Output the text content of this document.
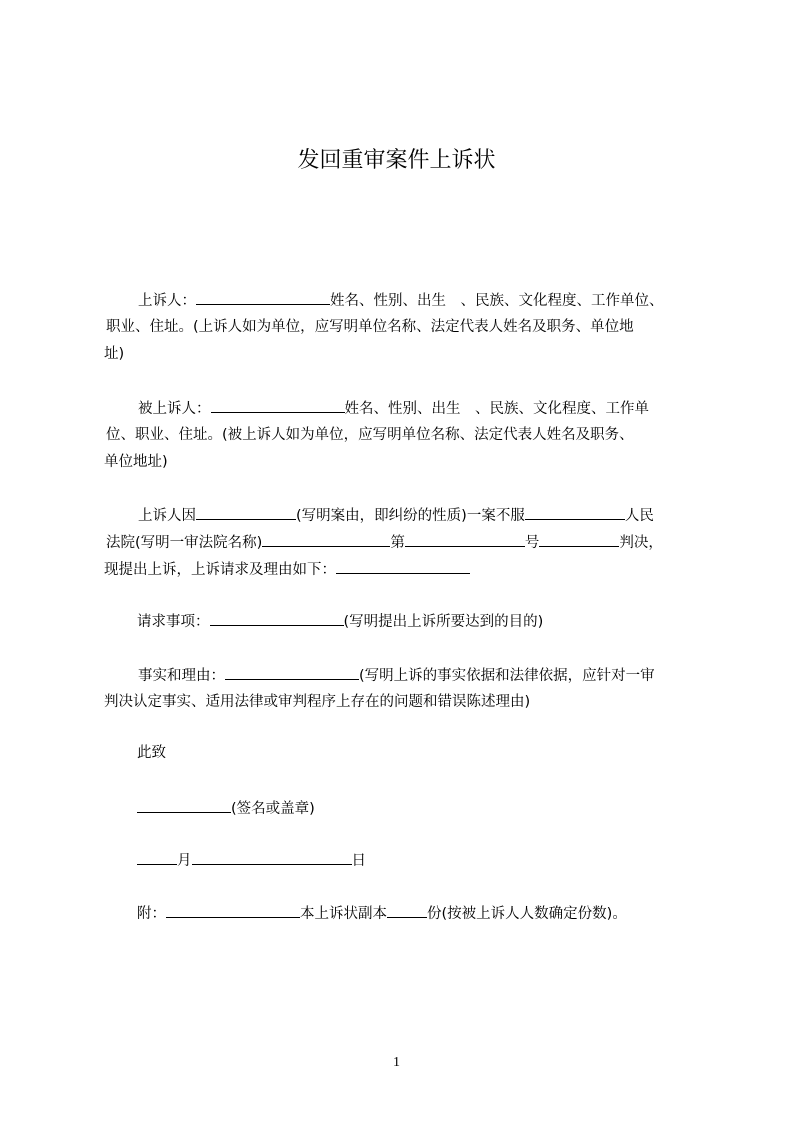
发回重审案件上诉状
上诉人：	姓名、性别、出生　、民族、文化程度、工作单位、
职业、住址。(上诉人如为单位，应写明单位名称、法定代表人姓名及职务、单位地
址)
被上诉人：	姓名、性别、出生　、民族、文化程度、工作单
位、职业、住址。(被上诉人如为单位，应写明单位名称、法定代表人姓名及职务、
单位地址)
上诉人因	(写明案由，即纠纷的性质)一案不服	人民
法院(写明一审法院名称)	第	号	判决，
现提出上诉，上诉请求及理由如下：
请求事项：	(写明提出上诉所要达到的目的)
事实和理由：	(写明上诉的事实依据和法律依据，应针对一审
判决认定事实、适用法律或审判程序上存在的问题和错误陈述理由)
此致
(签名或盖章)
月	日
附：	本上诉状副本	份(按被上诉人人数确定份数)。
1
